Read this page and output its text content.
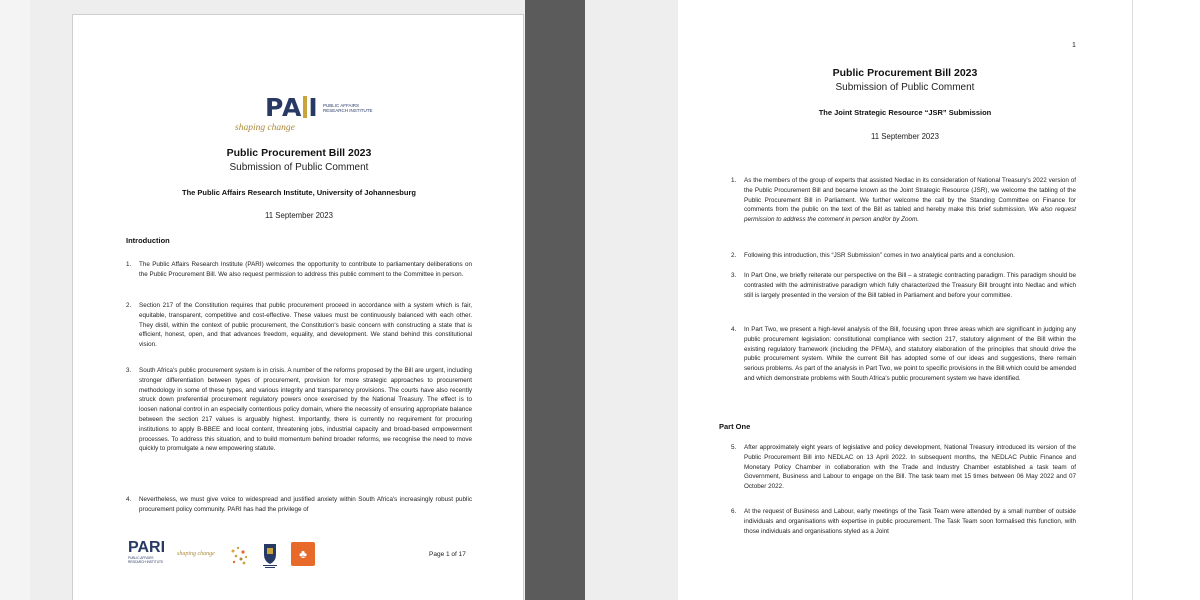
PA I PUBLIC AFFAIRS
RESEARCH INSTITUTE
shaping change
Public Procurement Bill 2023
Submission of Public Comment
The Public Affairs Research Institute, University of Johannesburg
11 September 2023
Introduction
1.	The Public Affairs Research Institute (PARI) welcomes the opportunity to contribute to parliamentary deliberations on the Public Procurement Bill. We also request permission to address this public comment to the Committee in person.
2.	Section 217 of the Constitution requires that public procurement proceed in accordance with a system which is fair, equitable, transparent, competitive and cost-effective. These values must be continuously balanced with each other. They distil, within the context of public procurement, the Constitution's basic concern with constructing a state that is efficient, honest, open, and that advances freedom, equality, and development. We stand behind this constitutional vision.
3.	South Africa's public procurement system is in crisis. A number of the reforms proposed by the Bill are urgent, including stronger differentiation between types of procurement, provision for more strategic approaches to procurement methodology in some of these types, and various integrity and transparency provisions. The courts have also recently struck down preferential procurement regulatory powers once exercised by the National Treasury. The effect is to loosen national control in an especially contentious policy domain, where the necessity of ensuring appropriate balance between the section 217 values is arguably highest. Importantly, there is currently no requirement for procuring institutions to apply B-BBEE and local content, threatening jobs, industrial capacity and broad-based empowerment processes. To address this situation, and to build momentum behind broader reforms, we recognise the need to move quickly to promulgate a new empowering statute.
4.	Nevertheless, we must give voice to widespread and justified anxiety within South Africa's increasingly robust public procurement policy community. PARI has had the privilege of
PARI
PUBLIC AFFAIRS
RESEARCH INSTITUTE
shaping change	♣	Page 1 of 17
1
Public Procurement Bill 2023
Submission of Public Comment
The Joint Strategic Resource “JSR” Submission
11 September 2023
1.	As the members of the group of experts that assisted Nedlac in its consideration of National Treasury's 2022 version of the Public Procurement Bill and became known as the Joint Strategic Resource (JSR), we welcome the tabling of the Public Procurement Bill in Parliament. We further welcome the call by the Standing Committee on Finance for comments from the public on the text of the Bill as tabled and hereby make this brief submission. We also request permission to address the comment in person and/or by Zoom.
2.	Following this introduction, this “JSR Submission” comes in two analytical parts and a conclusion.
3.	In Part One, we briefly reiterate our perspective on the Bill – a strategic contracting paradigm. This paradigm should be contrasted with the administrative paradigm which fully characterized the Treasury Bill brought into Nedlac and which still is largely presented in the version of the Bill tabled in Parliament and before your committee.
4.	In Part Two, we present a high-level analysis of the Bill, focusing upon three areas which are significant in judging any public procurement legislation: constitutional compliance with section 217, statutory alignment of the Bill within the existing regulatory framework (including the PFMA), and statutory elaboration of the principles that should drive the public procurement system. While the current Bill has adopted some of our ideas and suggestions, there remain serious problems. As part of the analysis in Part Two, we point to specific provisions in the Bill which could be amended and which demonstrate problems with South Africa's public procurement system we have identified.
Part One
5.	After approximately eight years of legislative and policy development, National Treasury introduced its version of the Public Procurement Bill into NEDLAC on 13 April 2022. In subsequent months, the NEDLAC Public Finance and Monetary Policy Chamber in collaboration with the Trade and Industry Chamber established a task team of Government, Business and Labour to engage on the Bill. The task team met 15 times between 06 May 2022 and 07 October 2022.
6.	At the request of Business and Labour, early meetings of the Task Team were attended by a small number of outside individuals and organisations with expertise in public procurement. The Task Team soon formalised this function, with those individuals and organisations styled as a Joint
